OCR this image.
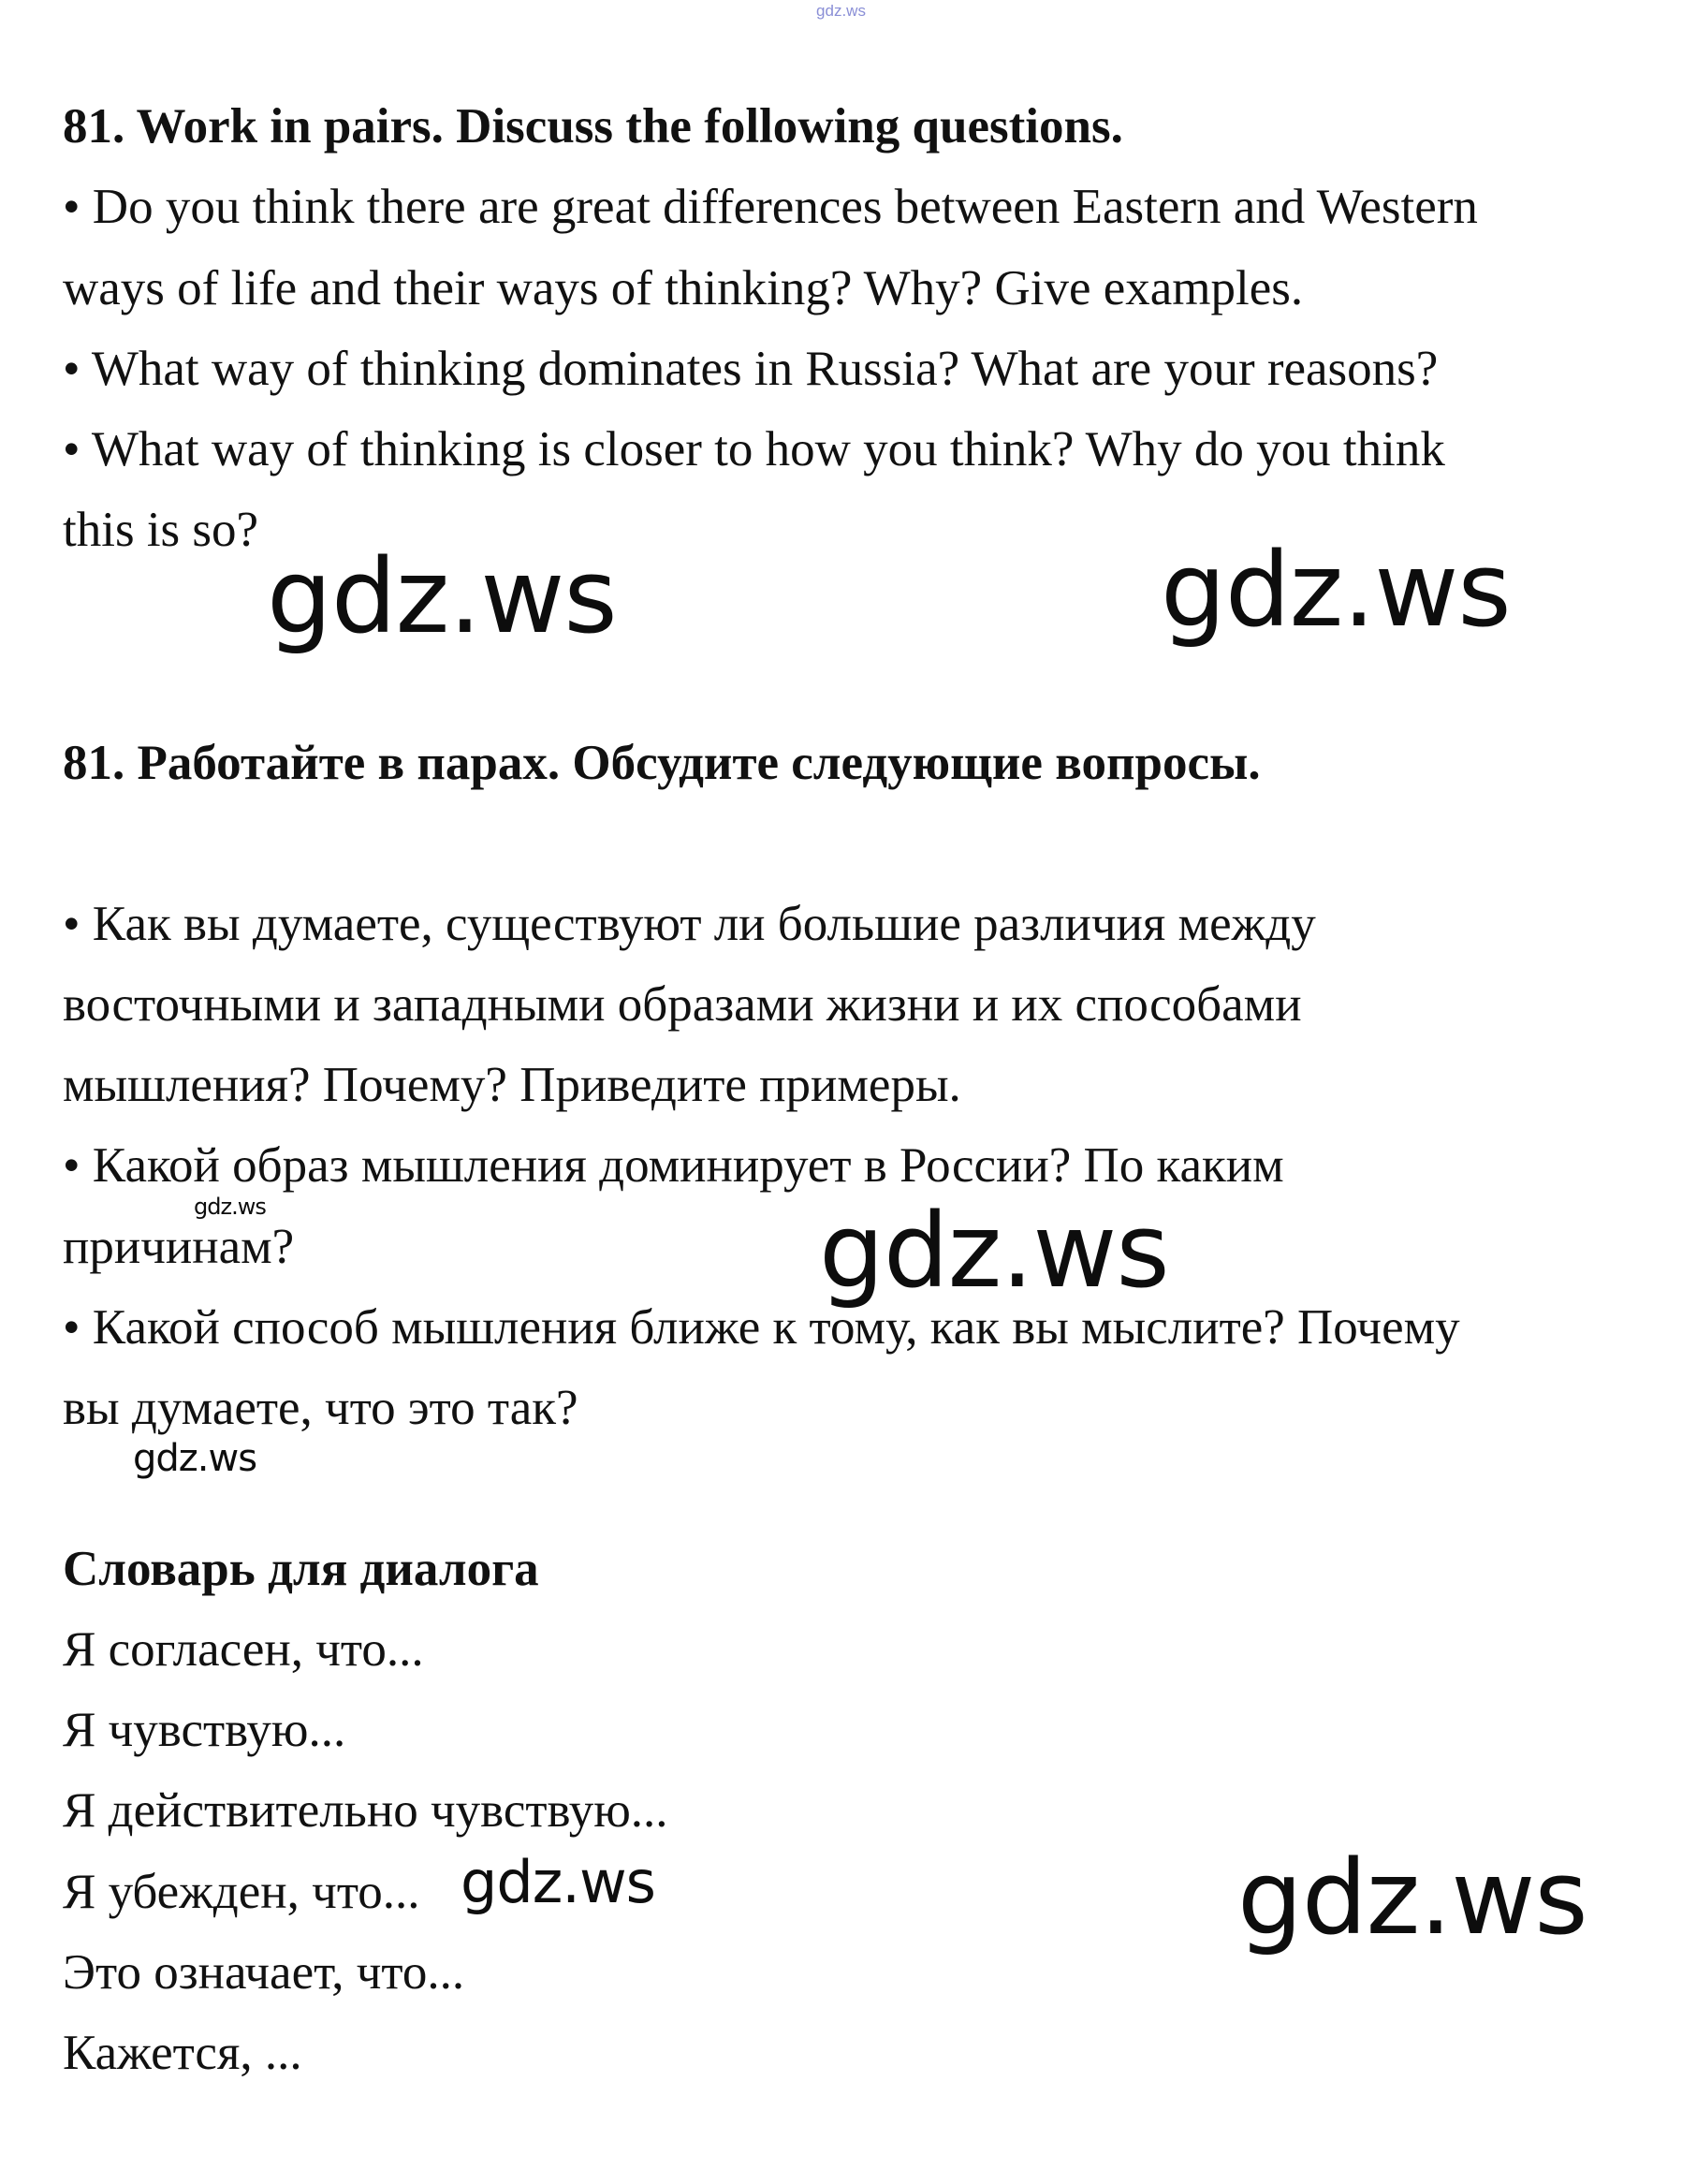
gdz.ws
81. Work in pairs. Discuss the following questions.
• Do you think there are great differences between Eastern and Western
ways of life and their ways of thinking? Why? Give examples.
• What way of thinking dominates in Russia? What are your reasons?
• What way of thinking is closer to how you think? Why do you think
this is so?
gdz.ws	gdz.ws
81. Работайте в парах. Обсудите следующие вопросы.
• Как вы думаете, существуют ли большие различия между
восточными и западными образами жизни и их способами
мышления? Почему? Приведите примеры.
• Какой образ мышления доминирует в России? По каким
причинам?
• Какой способ мышления ближе к тому, как вы мыслите? Почему
вы думаете, что это так?
gdz.ws	gdz.ws
gdz.ws
Словарь для диалога
Я согласен, что...
Я чувствую...
Я действительно чувствую...
Я убежден, что...
Это означает, что...
Кажется, ...
gdz.ws	gdz.ws
